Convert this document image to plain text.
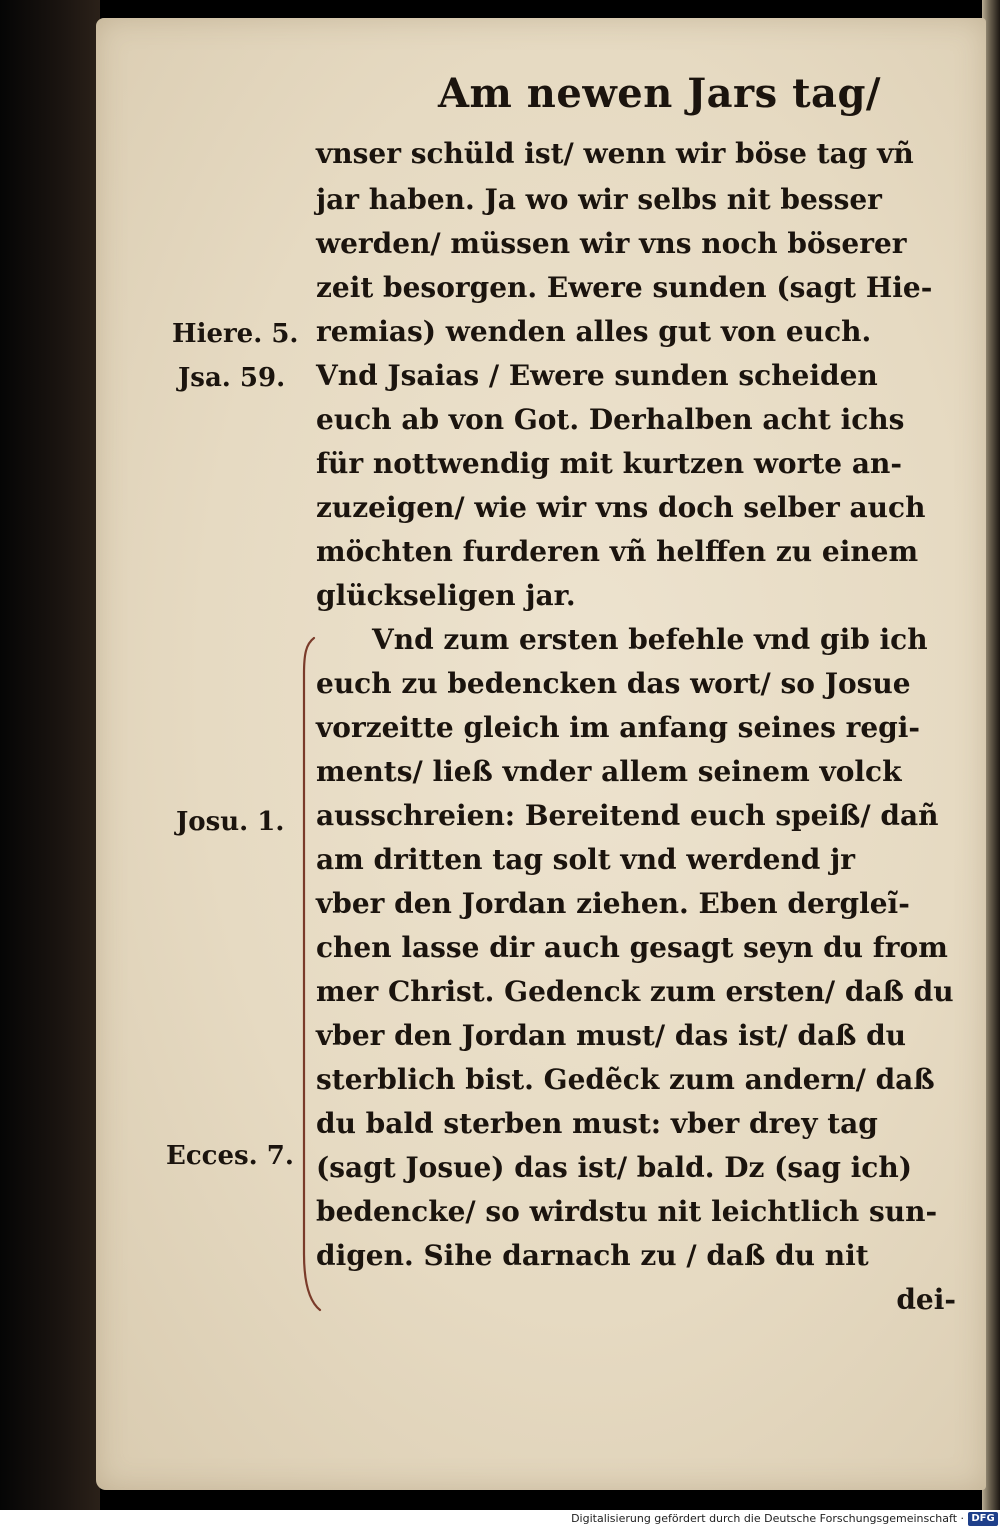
Am newen Jars tag/
vnser schüld ist/ wenn wir böse tag vñ
jar haben. Ja wo wir selbs nit besser
werden/ müssen wir vns noch böserer
zeit besorgen. Ewere sunden (sagt Hie-
remias) wenden alles gut von euch.
Vnd Jsaias / Ewere sunden scheiden
euch ab von Got. Derhalben acht ichs
für nottwendig mit kurtzen worte an-
zuzeigen/ wie wir vns doch selber auch
möchten furderen vñ helffen zu einem
glückseligen jar.
Vnd zum ersten befehle vnd gib ich
euch zu bedencken das wort/ so Josue
vorzeitte gleich im anfang seines regi-
ments/ ließ vnder allem seinem volck
ausschreien: Bereitend euch speiß/ dañ
am dritten tag solt vnd werdend jr
vber den Jordan ziehen. Eben dergleĩ-
chen lasse dir auch gesagt seyn du from
mer Christ. Gedenck zum ersten/ daß du
vber den Jordan must/ das ist/ daß du
sterblich bist. Gedẽck zum andern/ daß
du bald sterben must: vber drey tag
(sagt Josue) das ist/ bald. Dz (sag ich)
bedencke/ so wirdstu nit leichtlich sun-
digen. Sihe darnach zu / daß du nit
dei-
Hiere. 5.
Jsa. 59.
Josu. 1.
Ecces. 7.
Digitalisierung gefördert durch die Deutsche Forschungsgemeinschaft · DFG
